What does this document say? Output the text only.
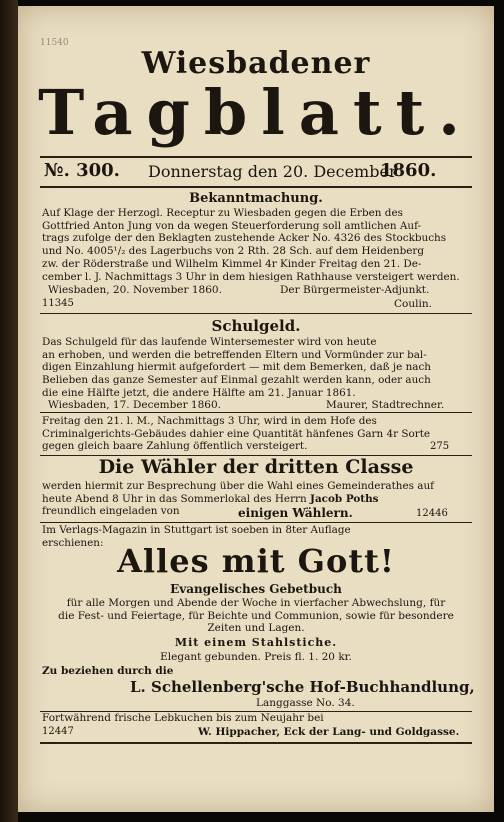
11540
Wiesbadener
Tagblatt.
№. 300. Donnerstag den 20. December
1860.
Bekanntmachung.
Auf Klage der Herzogl. Receptur zu Wiesbaden gegen die Erben des
Gottfried Anton Jung von da wegen Steuerforderung soll amtlichen Auf-
trags zufolge der den Beklagten zustehende Acker No. 4326 des Stockbuchs
und No. 4005¹/₂ des Lagerbuchs von 2 Rth. 28 Sch. auf dem Heidenberg
zw. der Röderstraße und Wilhelm Kimmel 4r Kinder Freitag den 21. De-
cember l. J. Nachmittags 3 Uhr in dem hiesigen Rathhause versteigert werden.
Wiesbaden, 20. November 1860.	Der Bürgermeister-Adjunkt.
11345	Coulin.
Schulgeld.
Das Schulgeld für das laufende Wintersemester wird von heute
an erhoben, und werden die betreffenden Eltern und Vormünder zur bal-
digen Einzahlung hiermit aufgefordert — mit dem Bemerken, daß je nach
Belieben das ganze Semester auf Einmal gezahlt werden kann, oder auch
die eine Hälfte jetzt, die andere Hälfte am 21. Januar 1861.
Wiesbaden, 17. December 1860.	Maurer, Stadtrechner.
Freitag den 21. l. M., Nachmittags 3 Uhr, wird in dem Hofe des
Criminalgerichts-Gebäudes dahier eine Quantität hänfenes Garn 4r Sorte
gegen gleich baare Zahlung öffentlich versteigert.	275
Die Wähler der dritten Classe
werden hiermit zur Besprechung über die Wahl eines Gemeinderathes auf
heute Abend 8 Uhr in das Sommerlokal des Herrn Jacob Poths
freundlich eingeladen von	einigen Wählern.	12446
Im Verlags-Magazin in Stuttgart ist soeben in 8ter Auflage
erschienen: Alles mit Gott!
Evangelisches Gebetbuch
für alle Morgen und Abende der Woche in vierfacher Abwechslung, für
die Fest- und Feiertage, für Beichte und Communion, sowie für besondere
Zeiten und Lagen.
Mit einem Stahlstiche.
Elegant gebunden. Preis fl. 1. 20 kr.
Zu beziehen durch die
L. Schellenberg'sche Hof-Buchhandlung,
Langgasse No. 34.
Fortwährend frische Lebkuchen bis zum Neujahr bei
12447	W. Hippacher, Eck der Lang- und Goldgasse.
